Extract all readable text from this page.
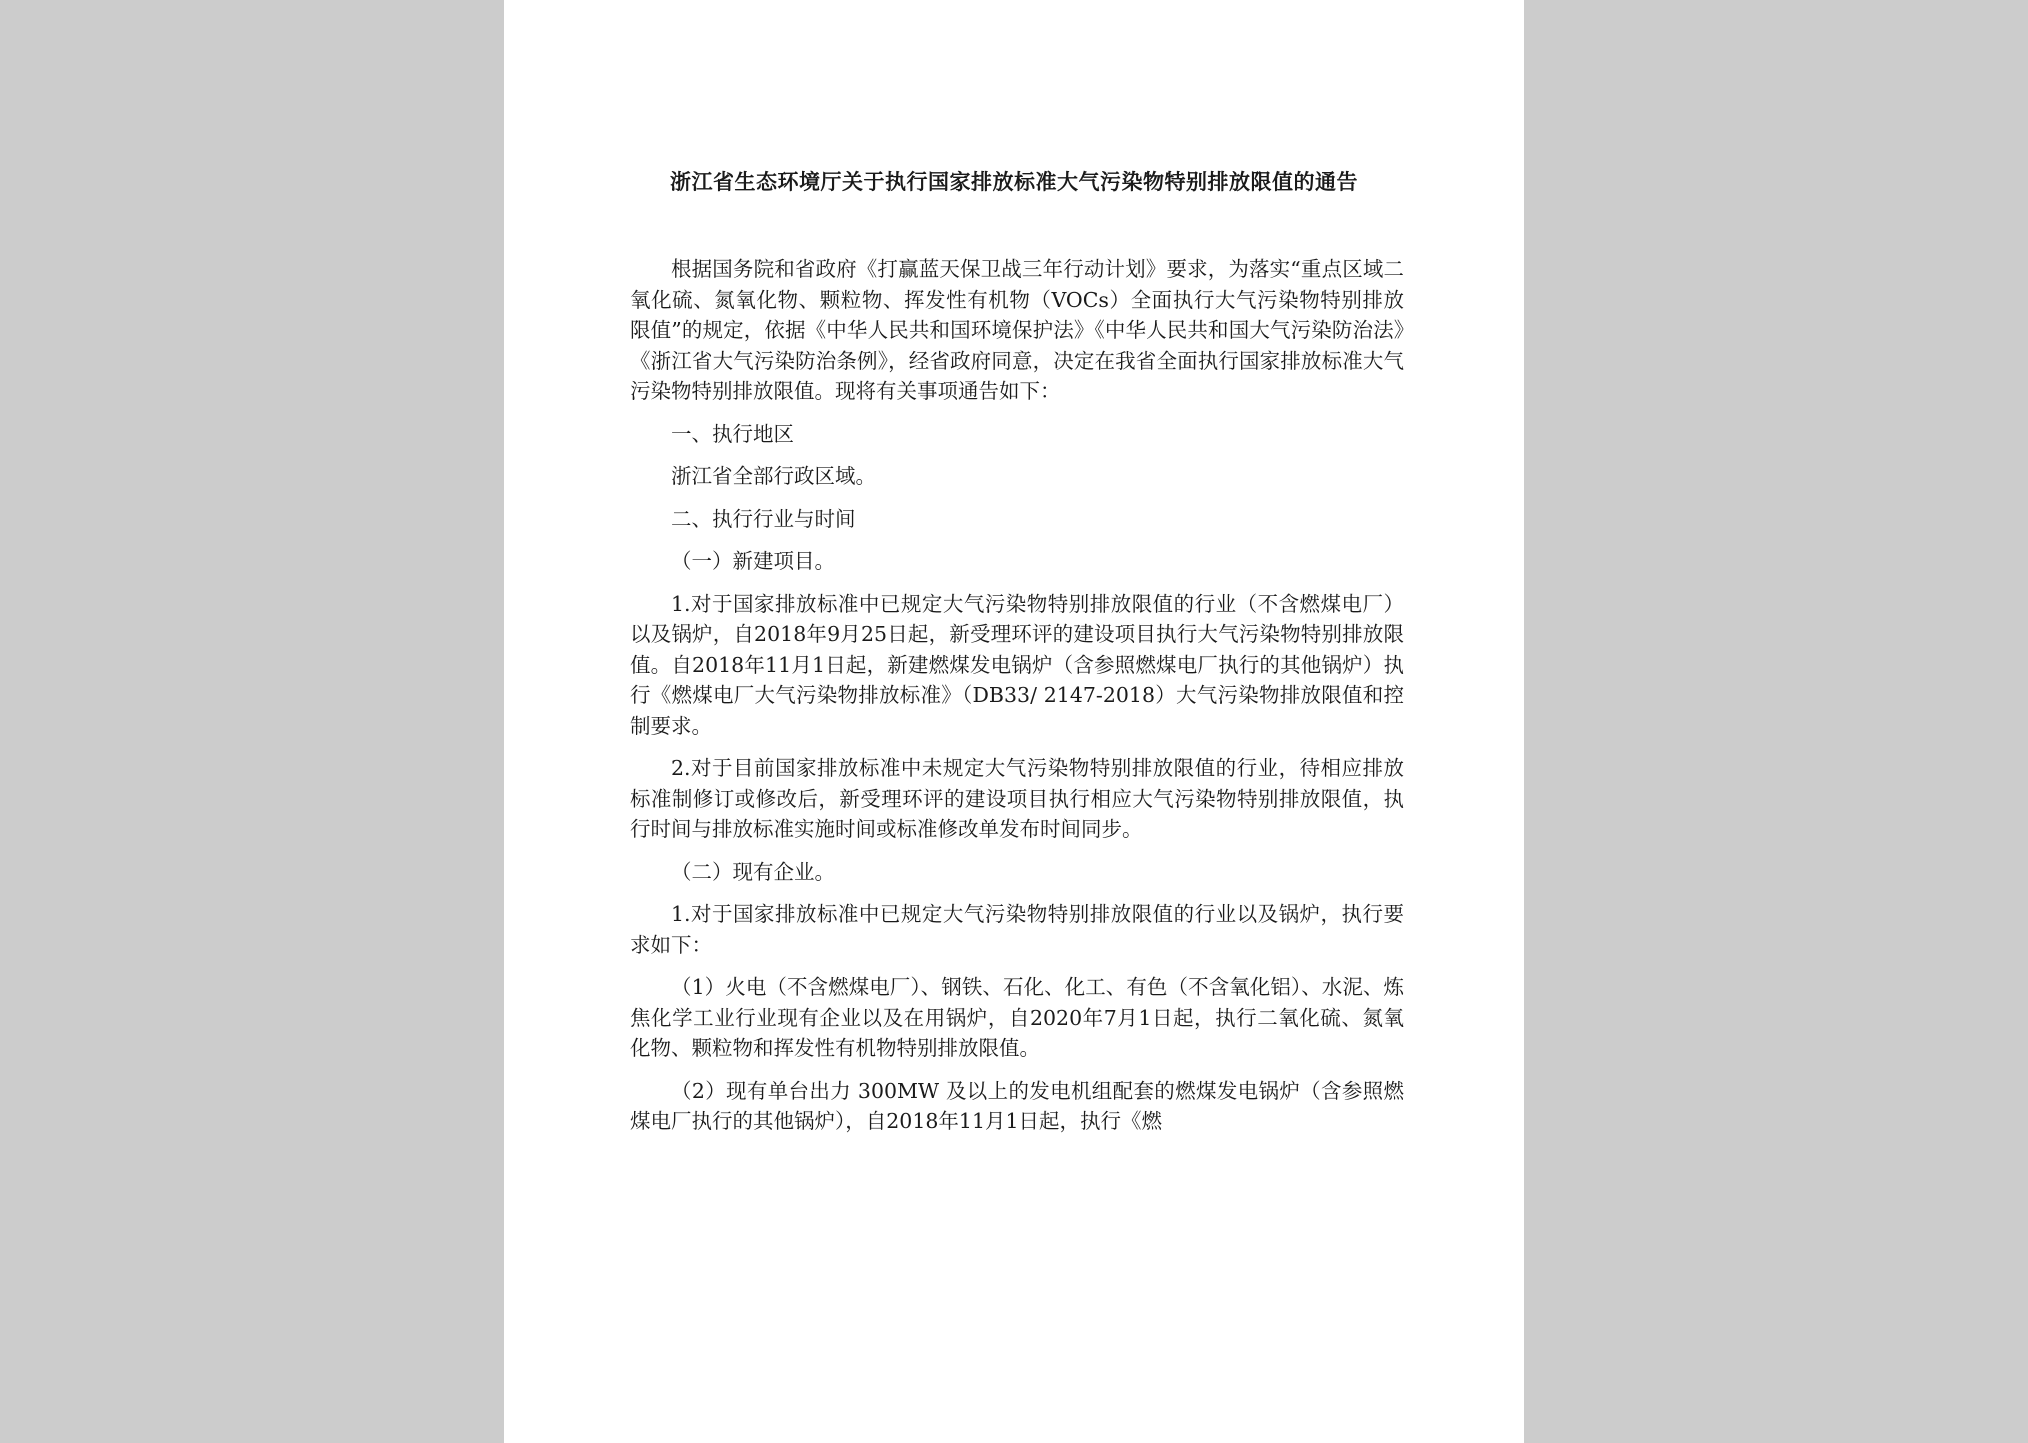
浙江省生态环境厅关于执行国家排放标准大气污染物特别排放限值的通告

根据国务院和省政府《打赢蓝天保卫战三年行动计划》要求，为落实“重点区域二氧化硫、氮氧化物、颗粒物、挥发性有机物（VOCs）全面执行大气污染物特别排放限值”的规定，依据《中华人民共和国环境保护法》《中华人民共和国大气污染防治法》《浙江省大气污染防治条例》，经省政府同意，决定在我省全面执行国家排放标准大气污染物特别排放限值。现将有关事项通告如下：

一、执行地区

浙江省全部行政区域。

二、执行行业与时间

（一）新建项目。

1.对于国家排放标准中已规定大气污染物特别排放限值的行业（不含燃煤电厂）以及锅炉，自2018年9月25日起，新受理环评的建设项目执行大气污染物特别排放限值。自2018年11月1日起，新建燃煤发电锅炉（含参照燃煤电厂执行的其他锅炉）执行《燃煤电厂大气污染物排放标准》（DB33/ 2147-2018）大气污染物排放限值和控制要求。

2.对于目前国家排放标准中未规定大气污染物特别排放限值的行业，待相应排放标准制修订或修改后，新受理环评的建设项目执行相应大气污染物特别排放限值，执行时间与排放标准实施时间或标准修改单发布时间同步。

（二）现有企业。

1.对于国家排放标准中已规定大气污染物特别排放限值的行业以及锅炉，执行要求如下：

（1）火电（不含燃煤电厂）、钢铁、石化、化工、有色（不含氧化铝）、水泥、炼焦化学工业行业现有企业以及在用锅炉，自2020年7月1日起，执行二氧化硫、氮氧化物、颗粒物和挥发性有机物特别排放限值。

（2）现有单台出力 300MW 及以上的发电机组配套的燃煤发电锅炉（含参照燃煤电厂执行的其他锅炉），自2018年11月1日起，执行《燃
